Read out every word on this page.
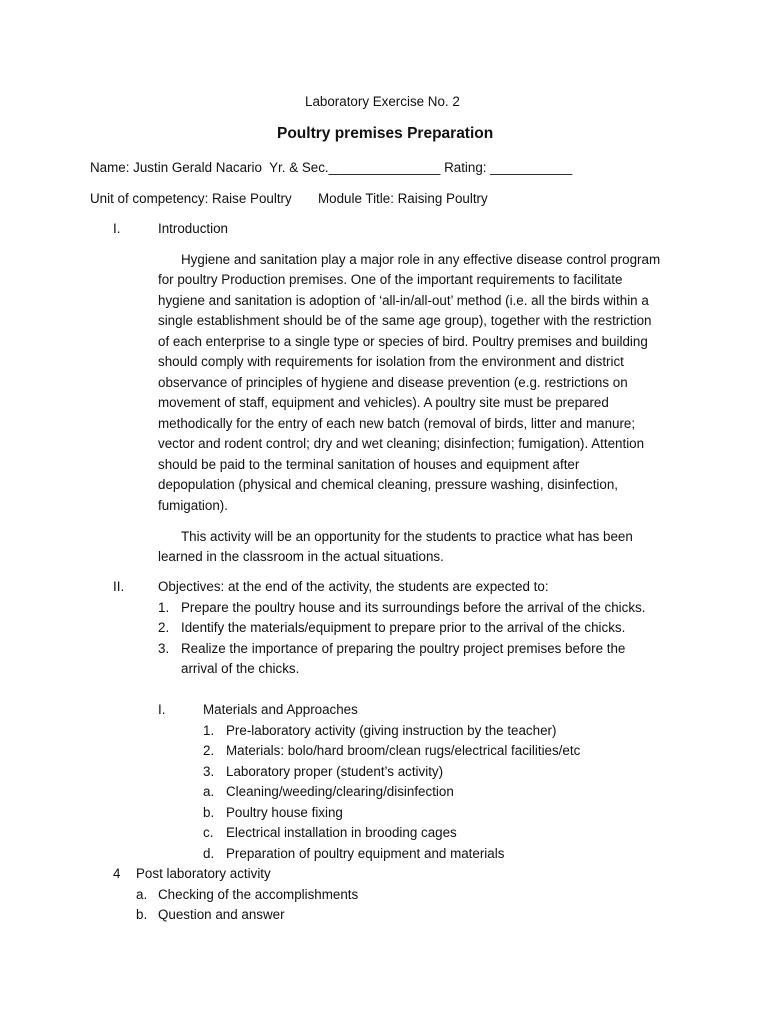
Laboratory Exercise No. 2
Poultry premises Preparation
Name: Justin Gerald Nacario  Yr. & Sec._______________ Rating: ___________
Unit of competency: Raise Poultry Module Title: Raising Poultry
I.	Introduction
Hygiene and sanitation play a major role in any effective disease control program
for poultry Production premises. One of the important requirements to facilitate
hygiene and sanitation is adoption of ‘all-in/all-out’ method (i.e. all the birds within a
single establishment should be of the same age group), together with the restriction
of each enterprise to a single type or species of bird. Poultry premises and building
should comply with requirements for isolation from the environment and district
observance of principles of hygiene and disease prevention (e.g. restrictions on
movement of staff, equipment and vehicles). A poultry site must be prepared
methodically for the entry of each new batch (removal of birds, litter and manure;
vector and rodent control; dry and wet cleaning; disinfection; fumigation). Attention
should be paid to the terminal sanitation of houses and equipment after
depopulation (physical and chemical cleaning, pressure washing, disinfection,
fumigation).
This activity will be an opportunity for the students to practice what has been
learned in the classroom in the actual situations.
II.	Objectives: at the end of the activity, the students are expected to:
1. Prepare the poultry house and its surroundings before the arrival of the chicks.
2. Identify the materials/equipment to prepare prior to the arrival of the chicks.
3. Realize the importance of preparing the poultry project premises before the
arrival of the chicks.
I.	Materials and Approaches
1. Pre-laboratory activity (giving instruction by the teacher)
2. Materials: bolo/hard broom/clean rugs/electrical facilities/etc
3. Laboratory proper (student’s activity)
a. Cleaning/weeding/clearing/disinfection
b. Poultry house fixing
c. Electrical installation in brooding cages
d. Preparation of poultry equipment and materials
4 Post laboratory activity
a. Checking of the accomplishments
b. Question and answer
